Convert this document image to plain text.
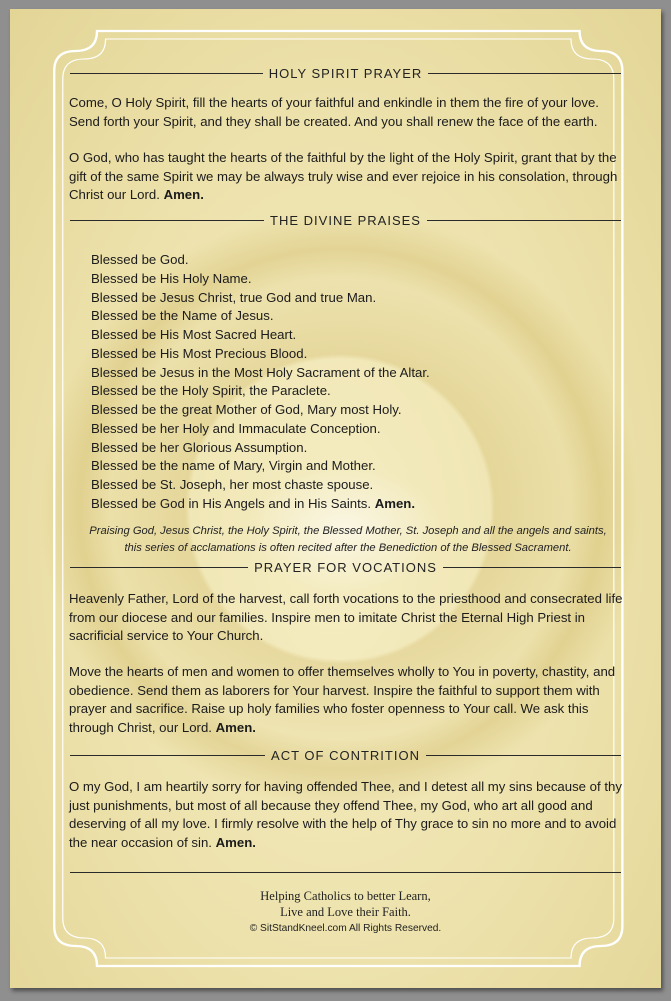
HOLY SPIRIT PRAYER

Come, O Holy Spirit, fill the hearts of your faithful and enkindle in them the fire of your love. Send forth your Spirit, and they shall be created. And you shall renew the face of the earth.

O God, who has taught the hearts of the faithful by the light of the Holy Spirit, grant that by the gift of the same Spirit we may be always truly wise and ever rejoice in his consolation, through Christ our Lord. Amen.

THE DIVINE PRAISES
Blessed be God.
Blessed be His Holy Name.
Blessed be Jesus Christ, true God and true Man.
Blessed be the Name of Jesus.
Blessed be His Most Sacred Heart.
Blessed be His Most Precious Blood.
Blessed be Jesus in the Most Holy Sacrament of the Altar.
Blessed be the Holy Spirit, the Paraclete.
Blessed be the great Mother of God, Mary most Holy.
Blessed be her Holy and Immaculate Conception.
Blessed be her Glorious Assumption.
Blessed be the name of Mary, Virgin and Mother.
Blessed be St. Joseph, her most chaste spouse.
Blessed be God in His Angels and in His Saints. Amen.
Praising God, Jesus Christ, the Holy Spirit, the Blessed Mother, St. Joseph and all the angels and saints, this series of acclamations is often recited after the Benediction of the Blessed Sacrament.
PRAYER FOR VOCATIONS

Heavenly Father, Lord of the harvest, call forth vocations to the priesthood and consecrated life from our diocese and our families. Inspire men to imitate Christ the Eternal High Priest in sacrificial service to Your Church.

Move the hearts of men and women to offer themselves wholly to You in poverty, chastity, and obedience. Send them as laborers for Your harvest. Inspire the faithful to support them with prayer and sacrifice. Raise up holy families who foster openness to Your call. We ask this through Christ, our Lord. Amen.

ACT OF CONTRITION

O my God, I am heartily sorry for having offended Thee, and I detest all my sins because of thy just punishments, but most of all because they offend Thee, my God, who art all good and deserving of all my love. I firmly resolve with the help of Thy grace to sin no more and to avoid the near occasion of sin. Amen.

Helping Catholics to better Learn,
Live and Love their Faith.
© SitStandKneel.com All Rights Reserved.
